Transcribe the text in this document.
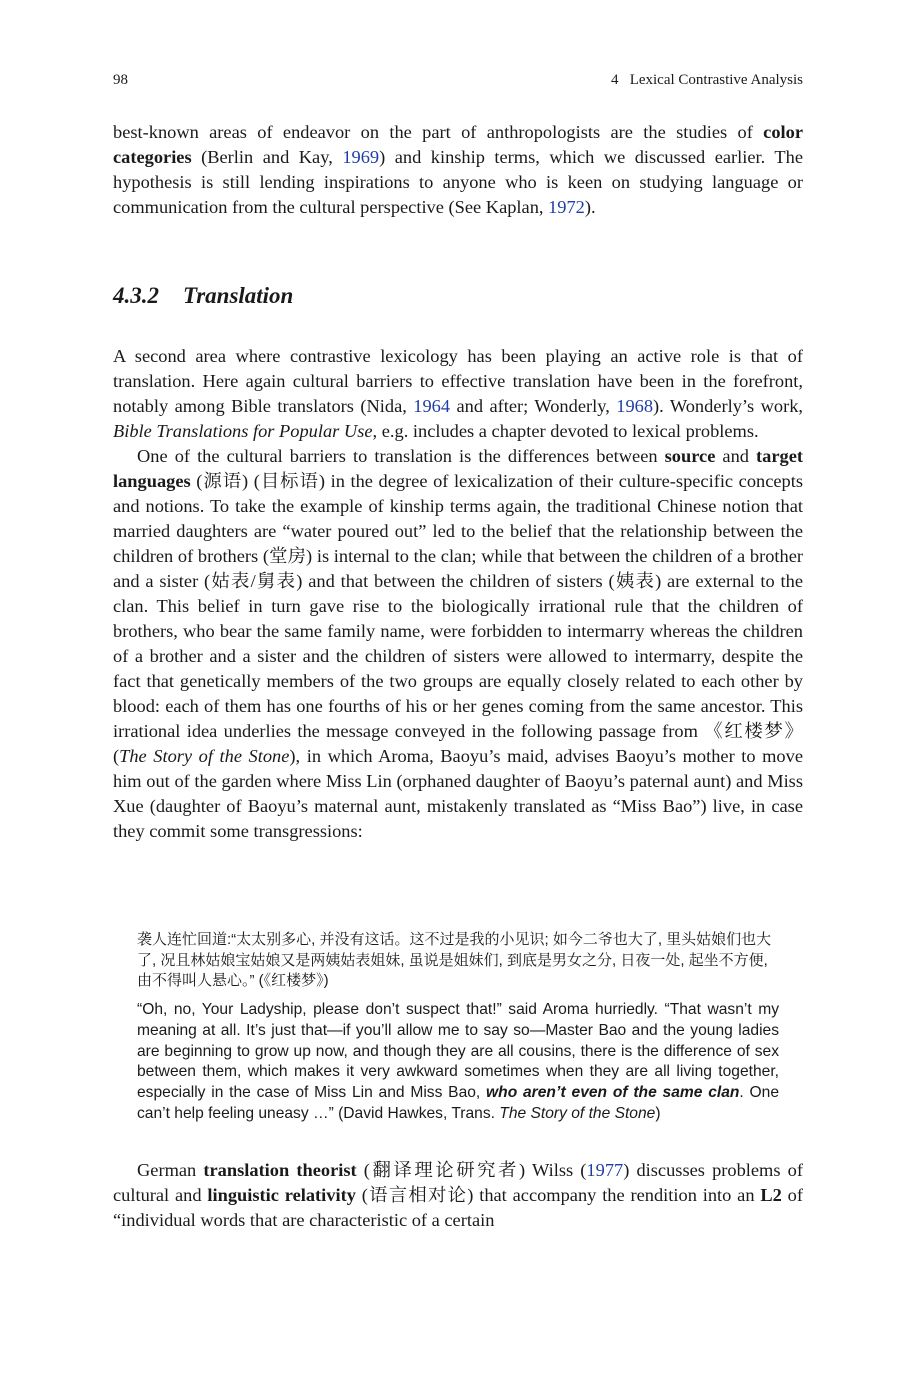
98	4   Lexical Contrastive Analysis

best-known areas of endeavor on the part of anthropologists are the studies of color categories (Berlin and Kay, 1969) and kinship terms, which we discussed earlier. The hypothesis is still lending inspirations to anyone who is keen on studying language or communication from the cultural perspective (See Kaplan, 1972).

4.3.2 Translation

A second area where contrastive lexicology has been playing an active role is that of translation. Here again cultural barriers to effective translation have been in the forefront, notably among Bible translators (Nida, 1964 and after; Wonderly, 1968). Wonderly’s work, Bible Translations for Popular Use, e.g. includes a chapter devoted to lexical problems.

One of the cultural barriers to translation is the differences between source and target languages (源语) (目标语) in the degree of lexicalization of their culture-specific concepts and notions. To take the example of kinship terms again, the traditional Chinese notion that married daughters are “water poured out” led to the belief that the relationship between the children of brothers (堂房) is internal to the clan; while that between the children of a brother and a sister (姑表/舅表) and that between the children of sisters (姨表) are external to the clan. This belief in turn gave rise to the biologically irrational rule that the children of brothers, who bear the same family name, were forbidden to intermarry whereas the children of a brother and a sister and the children of sisters were allowed to intermarry, despite the fact that genetically members of the two groups are equally closely related to each other by blood: each of them has one fourths of his or her genes coming from the same ancestor. This irrational idea underlies the message conveyed in the following passage from 《红楼梦》 (The Story of the Stone), in which Aroma, Baoyu’s maid, advises Baoyu’s mother to move him out of the garden where Miss Lin (orphaned daughter of Baoyu’s paternal aunt) and Miss Xue (daughter of Baoyu’s maternal aunt, mistakenly translated as “Miss Bao”) live, in case they commit some transgressions:

袭人连忙回道:“太太别多心, 并没有这话。这不过是我的小见识; 如今二爷也大了, 里头姑娘们也大了, 况且林姑娘宝姑娘又是两姨姑表姐妹, 虽说是姐妹们, 到底是男女之分, 日夜一处, 起坐不方便, 由不得叫人悬心。” (《红楼梦》)

“Oh, no, Your Ladyship, please don’t suspect that!” said Aroma hurriedly. “That wasn’t my meaning at all. It’s just that—if you’ll allow me to say so—Master Bao and the young ladies are beginning to grow up now, and though they are all cousins, there is the difference of sex between them, which makes it very awkward sometimes when they are all living together, especially in the case of Miss Lin and Miss Bao, who aren’t even of the same clan. One can’t help feeling uneasy …” (David Hawkes, Trans. The Story of the Stone)

German translation theorist (翻译理论研究者) Wilss (1977) discusses problems of cultural and linguistic relativity (语言相对论) that accompany the rendition into an L2 of “individual words that are characteristic of a certain
